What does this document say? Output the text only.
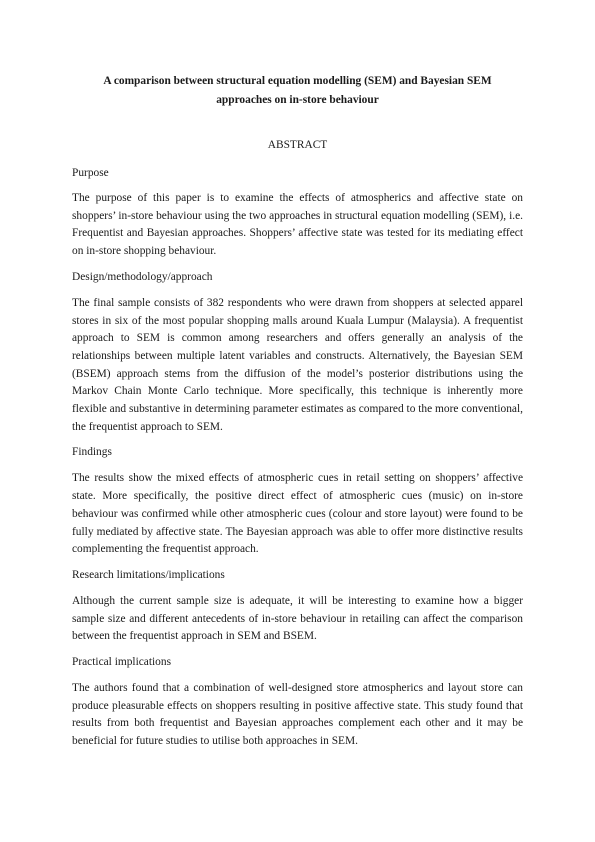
A comparison between structural equation modelling (SEM) and Bayesian SEM approaches on in-store behaviour
ABSTRACT

Purpose

The purpose of this paper is to examine the effects of atmospherics and affective state on shoppers’ in-store behaviour using the two approaches in structural equation modelling (SEM), i.e. Frequentist and Bayesian approaches. Shoppers’ affective state was tested for its mediating effect on in-store shopping behaviour.

Design/methodology/approach

The final sample consists of 382 respondents who were drawn from shoppers at selected apparel stores in six of the most popular shopping malls around Kuala Lumpur (Malaysia). A frequentist approach to SEM is common among researchers and offers generally an analysis of the relationships between multiple latent variables and constructs. Alternatively, the Bayesian SEM (BSEM) approach stems from the diffusion of the model’s posterior distributions using the Markov Chain Monte Carlo technique. More specifically, this technique is inherently more flexible and substantive in determining parameter estimates as compared to the more conventional, the frequentist approach to SEM.

Findings

The results show the mixed effects of atmospheric cues in retail setting on shoppers’ affective state. More specifically, the positive direct effect of atmospheric cues (music) on in-store behaviour was confirmed while other atmospheric cues (colour and store layout) were found to be fully mediated by affective state. The Bayesian approach was able to offer more distinctive results complementing the frequentist approach.

Research limitations/implications

Although the current sample size is adequate, it will be interesting to examine how a bigger sample size and different antecedents of in-store behaviour in retailing can affect the comparison between the frequentist approach in SEM and BSEM.

Practical implications

The authors found that a combination of well-designed store atmospherics and layout store can produce pleasurable effects on shoppers resulting in positive affective state. This study found that results from both frequentist and Bayesian approaches complement each other and it may be beneficial for future studies to utilise both approaches in SEM.
